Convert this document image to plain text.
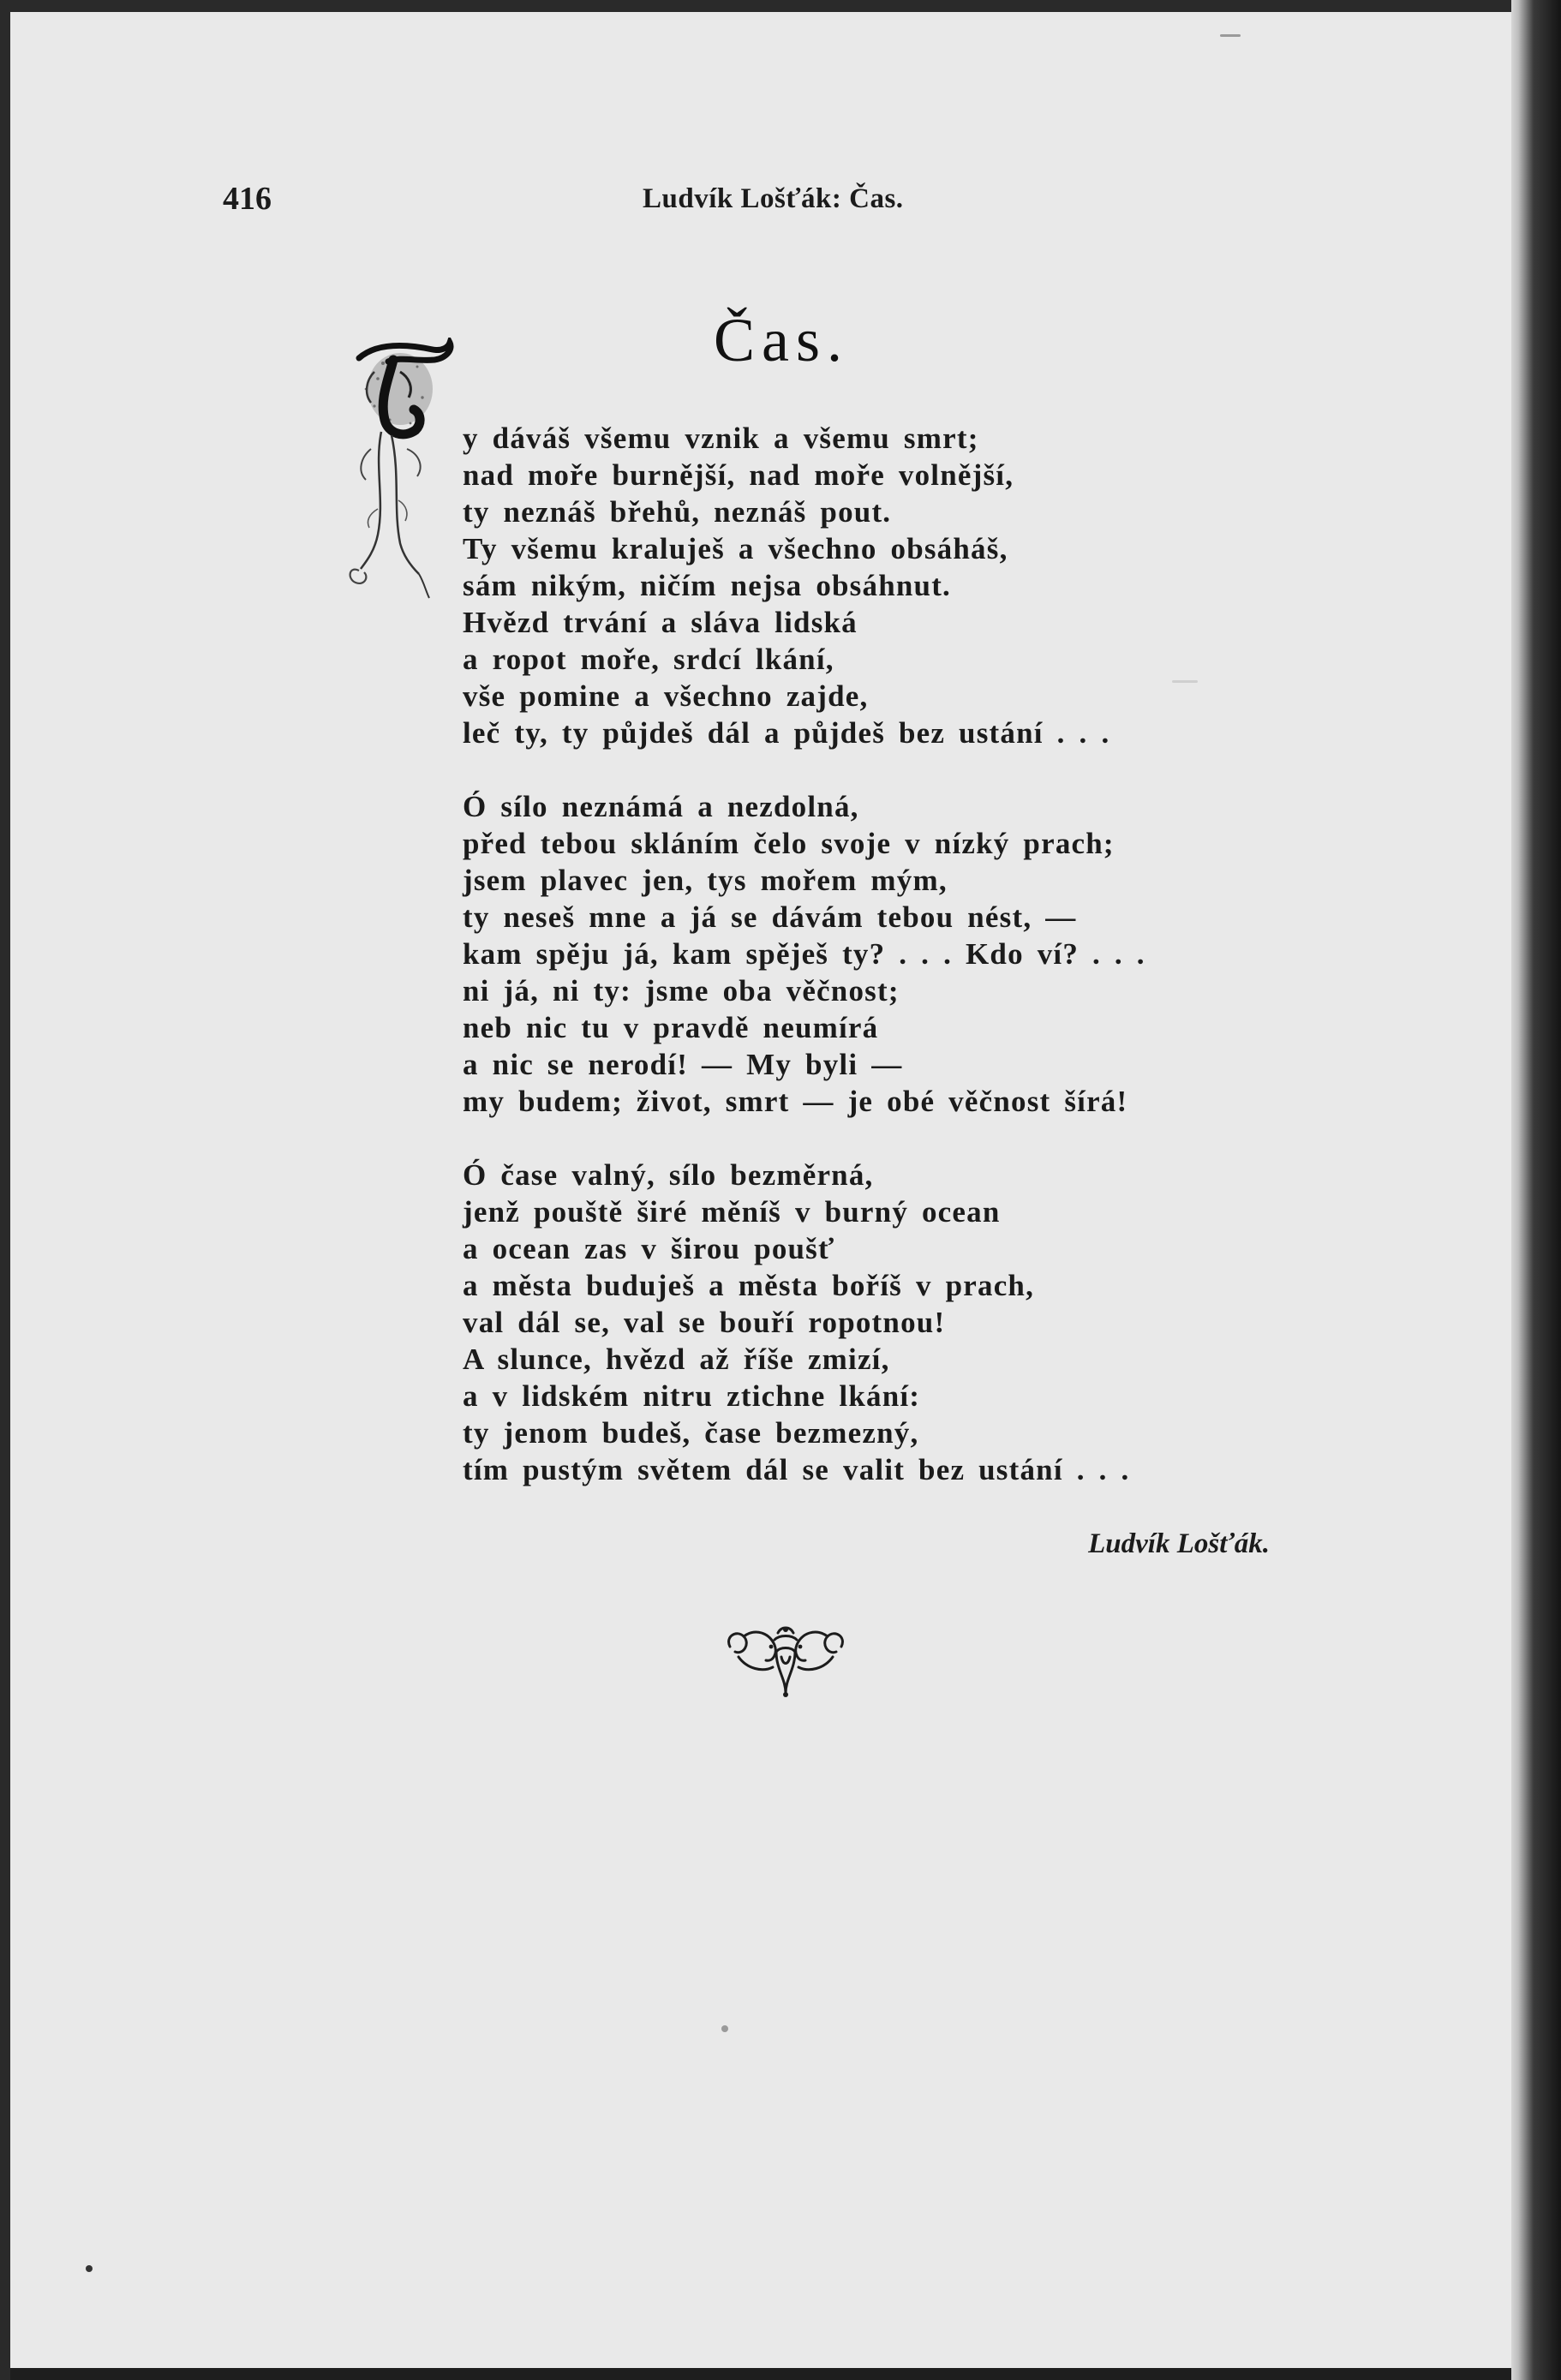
416	Ludvík Lošťák: Čas.
Čas.
y dáváš všemu vznik a všemu smrt;
nad moře burnější, nad moře volnější,
ty neznáš břehů, neznáš pout.
Ty všemu kraluješ a všechno obsáháš,
sám nikým, ničím nejsa obsáhnut.
Hvězd trvání a sláva lidská
a ropot moře, srdcí lkání,
vše pomine a všechno zajde,
leč ty, ty půjdeš dál a půjdeš bez ustání . . .
Ó sílo neznámá a nezdolná,
před tebou skláním čelo svoje v nízký prach;
jsem plavec jen, tys mořem mým,
ty neseš mne a já se dávám tebou nést, —
kam spěju já, kam spěješ ty? . . . Kdo ví? . . .
ni já, ni ty: jsme oba věčnost;
neb nic tu v pravdě neumírá
a nic se nerodí! — My byli —
my budem; život, smrt — je obé věčnost šírá!
Ó čase valný, sílo bezměrná,
jenž pouště širé měníš v burný ocean
a ocean zas v širou poušť
a města buduješ a města boříš v prach,
val dál se, val se bouří ropotnou!
A slunce, hvězd až říše zmizí,
a v lidském nitru ztichne lkání:
ty jenom budeš, čase bezmezný,
tím pustým světem dál se valit bez ustání . . .
Ludvík Lošťák.
